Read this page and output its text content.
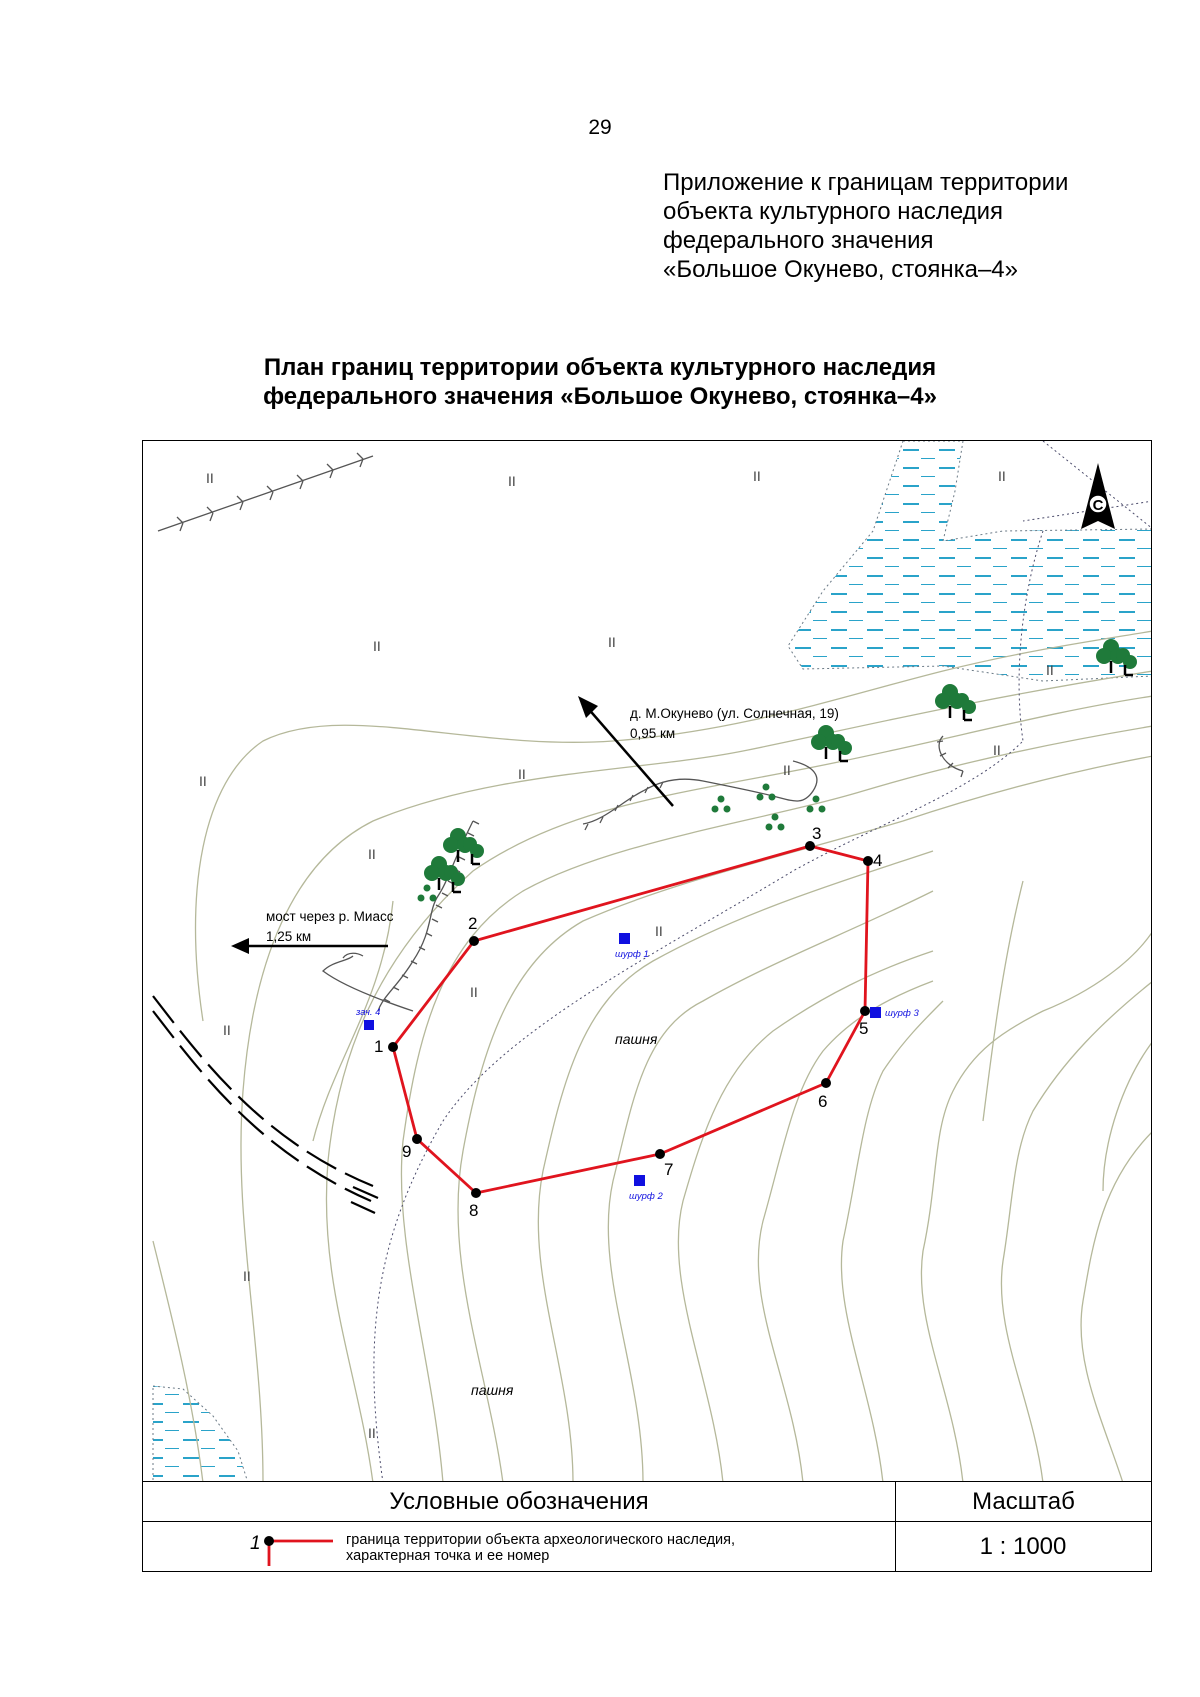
29
Приложение к границам территории
объекта культурного наследия
федерального значения
«Большое Окунево, стоянка–4»
План границ территории объекта культурного наследия
федерального значения «Большое Окунево, стоянка–4»
II	II	II	II
II	II
II
II
II
II
II
II
II
II
II
II
II
д. М.Окунево (ул. Солнечная, 19)
0,95 км
мост через р. Миасс
1,25 км
С
пашня
пашня
шурф 1
шурф 2
шурф 3
зач. 4
1
2
3
4
5
6
7
8
9
Условные обозначения	Масштаб
1	граница территории объекта археологического наследия,
характерная точка и ее номер	1 : 1000
